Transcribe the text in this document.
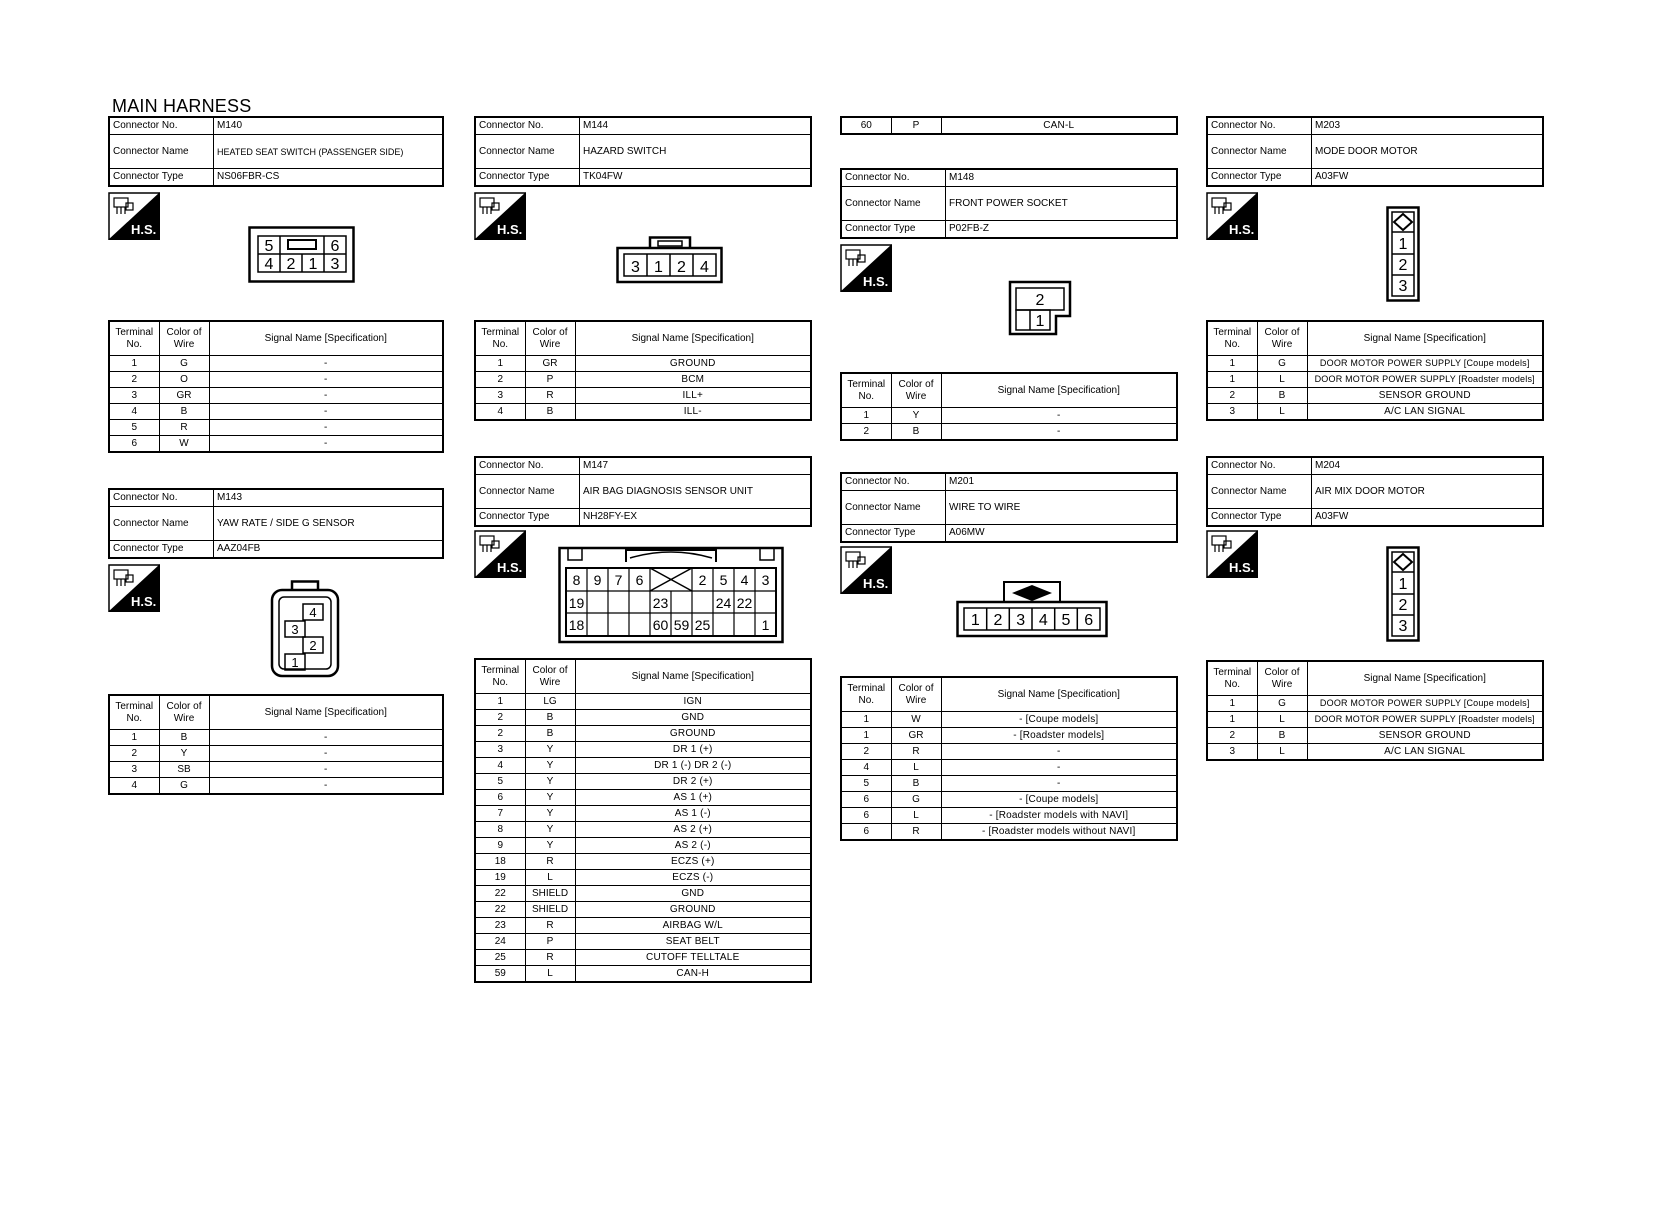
MAIN HARNESS
Connector No.	M140
Connector Name	HEATED SEAT SWITCH (PASSENGER SIDE)
Connector Type	NS06FBR-CS
H.S.
5	6
4 2 1 3
Terminal No.	Color of Wire	Signal Name [Specification]
1	G	-
2	O	-
3	GR	-
4	B	-
5	R	-
6	W	-
Connector No.	M143
Connector Name	YAW RATE / SIDE G SENSOR
Connector Type	AAZ04FB
H.S.
4
3
2
1
Terminal No.	Color of Wire	Signal Name [Specification]
1	B	-
2	Y	-
3	SB	-
4	G	-
Connector No.	M144
Connector Name	HAZARD SWITCH
Connector Type	TK04FW
H.S.
3 1 2 4
Terminal No.	Color of Wire	Signal Name [Specification]
1	GR	GROUND
2	P	BCM
3	R	ILL+
4	B	ILL-
Connector No.	M147
Connector Name	AIR BAG DIAGNOSIS SENSOR UNIT
Connector Type	NH28FY-EX
H.S.
8 9 7 6	2 5 4 3
19	23	24 22
18	60 59 25	1
Terminal No.	Color of Wire	Signal Name [Specification]
1	LG	IGN
2	B	GND
2	B	GROUND
3	Y	DR 1 (+)
4	Y	DR 1 (-) DR 2 (-)
5	Y	DR 2 (+)
6	Y	AS 1 (+)
7	Y	AS 1 (-)
8	Y	AS 2 (+)
9	Y	AS 2 (-)
18	R	ECZS (+)
19	L	ECZS (-)
22	SHIELD	GND
22	SHIELD	GROUND
23	R	AIRBAG W/L
24	P	SEAT BELT
25	R	CUTOFF TELLTALE
59	L	CAN-H
60	P	CAN-L
Connector No.	M148
Connector Name	FRONT POWER SOCKET
Connector Type	P02FB-Z
H.S.
2
1
Terminal No.	Color of Wire	Signal Name [Specification]
1	Y	-
2	B	-
Connector No.	M201
Connector Name	WIRE TO WIRE
Connector Type	A06MW
H.S.
1 2 3 4 5 6
Terminal No.	Color of Wire	Signal Name [Specification]
1	W	- [Coupe models]
1	GR	- [Roadster models]
2	R	-
4	L	-
5	B	-
6	G	- [Coupe models]
6	L	- [Roadster models with NAVI]
6	R	- [Roadster models without NAVI]
Connector No.	M203
Connector Name	MODE DOOR MOTOR
Connector Type	A03FW
H.S.
1
2
3
Terminal No.	Color of Wire	Signal Name [Specification]
1	G	DOOR MOTOR POWER SUPPLY [Coupe models]
1	L	DOOR MOTOR POWER SUPPLY [Roadster models]
2	B	SENSOR GROUND
3	L	A/C LAN SIGNAL
Connector No.	M204
Connector Name	AIR MIX DOOR MOTOR
Connector Type	A03FW
H.S.
1
2
3
Terminal No.	Color of Wire	Signal Name [Specification]
1	G	DOOR MOTOR POWER SUPPLY [Coupe models]
1	L	DOOR MOTOR POWER SUPPLY [Roadster models]
2	B	SENSOR GROUND
3	L	A/C LAN SIGNAL
